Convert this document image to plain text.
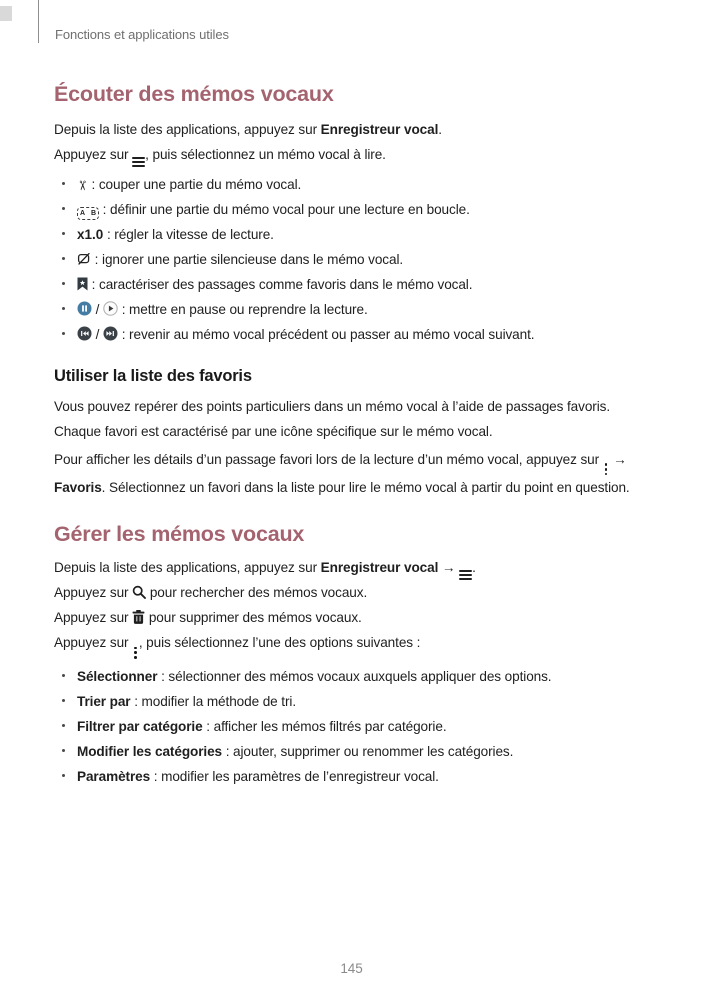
Fonctions et applications utiles
Écouter des mémos vocaux

Depuis la liste des applications, appuyez sur Enregistreur vocal.

Appuyez sur
, puis sélectionnez un mémo vocal à lire.

✂ : couper une partie du mémo vocal.
A B : définir une partie du mémo vocal pour une lecture en boucle.
x1.0 : régler la vitesse de lecture.
: ignorer une partie silencieuse dans le mémo vocal.
: caractériser des passages comme favoris dans le mémo vocal.
/  : mettre en pause ou reprendre la lecture.
/  : revenir au mémo vocal précédent ou passer au mémo vocal suivant.
Utiliser la liste des favoris

Vous pouvez repérer des points particuliers dans un mémo vocal à l’aide de passages favoris. Chaque favori est caractérisé par une icône spécifique sur le mémo vocal.

Pour afficher les détails d’un passage favori lors de la lecture d’un mémo vocal, appuyez sur
→ Favoris. Sélectionnez un favori dans la liste pour lire le mémo vocal à partir du point en question.

Gérer les mémos vocaux

Depuis la liste des applications, appuyez sur Enregistreur vocal →
.

Appuyez sur  pour rechercher des mémos vocaux.

Appuyez sur  pour supprimer des mémos vocaux.

Appuyez sur
, puis sélectionnez l’une des options suivantes :

Sélectionner : sélectionner des mémos vocaux auxquels appliquer des options.
Trier par : modifier la méthode de tri.
Filtrer par catégorie : afficher les mémos filtrés par catégorie.
Modifier les catégories : ajouter, supprimer ou renommer les catégories.
Paramètres : modifier les paramètres de l’enregistreur vocal.
145
